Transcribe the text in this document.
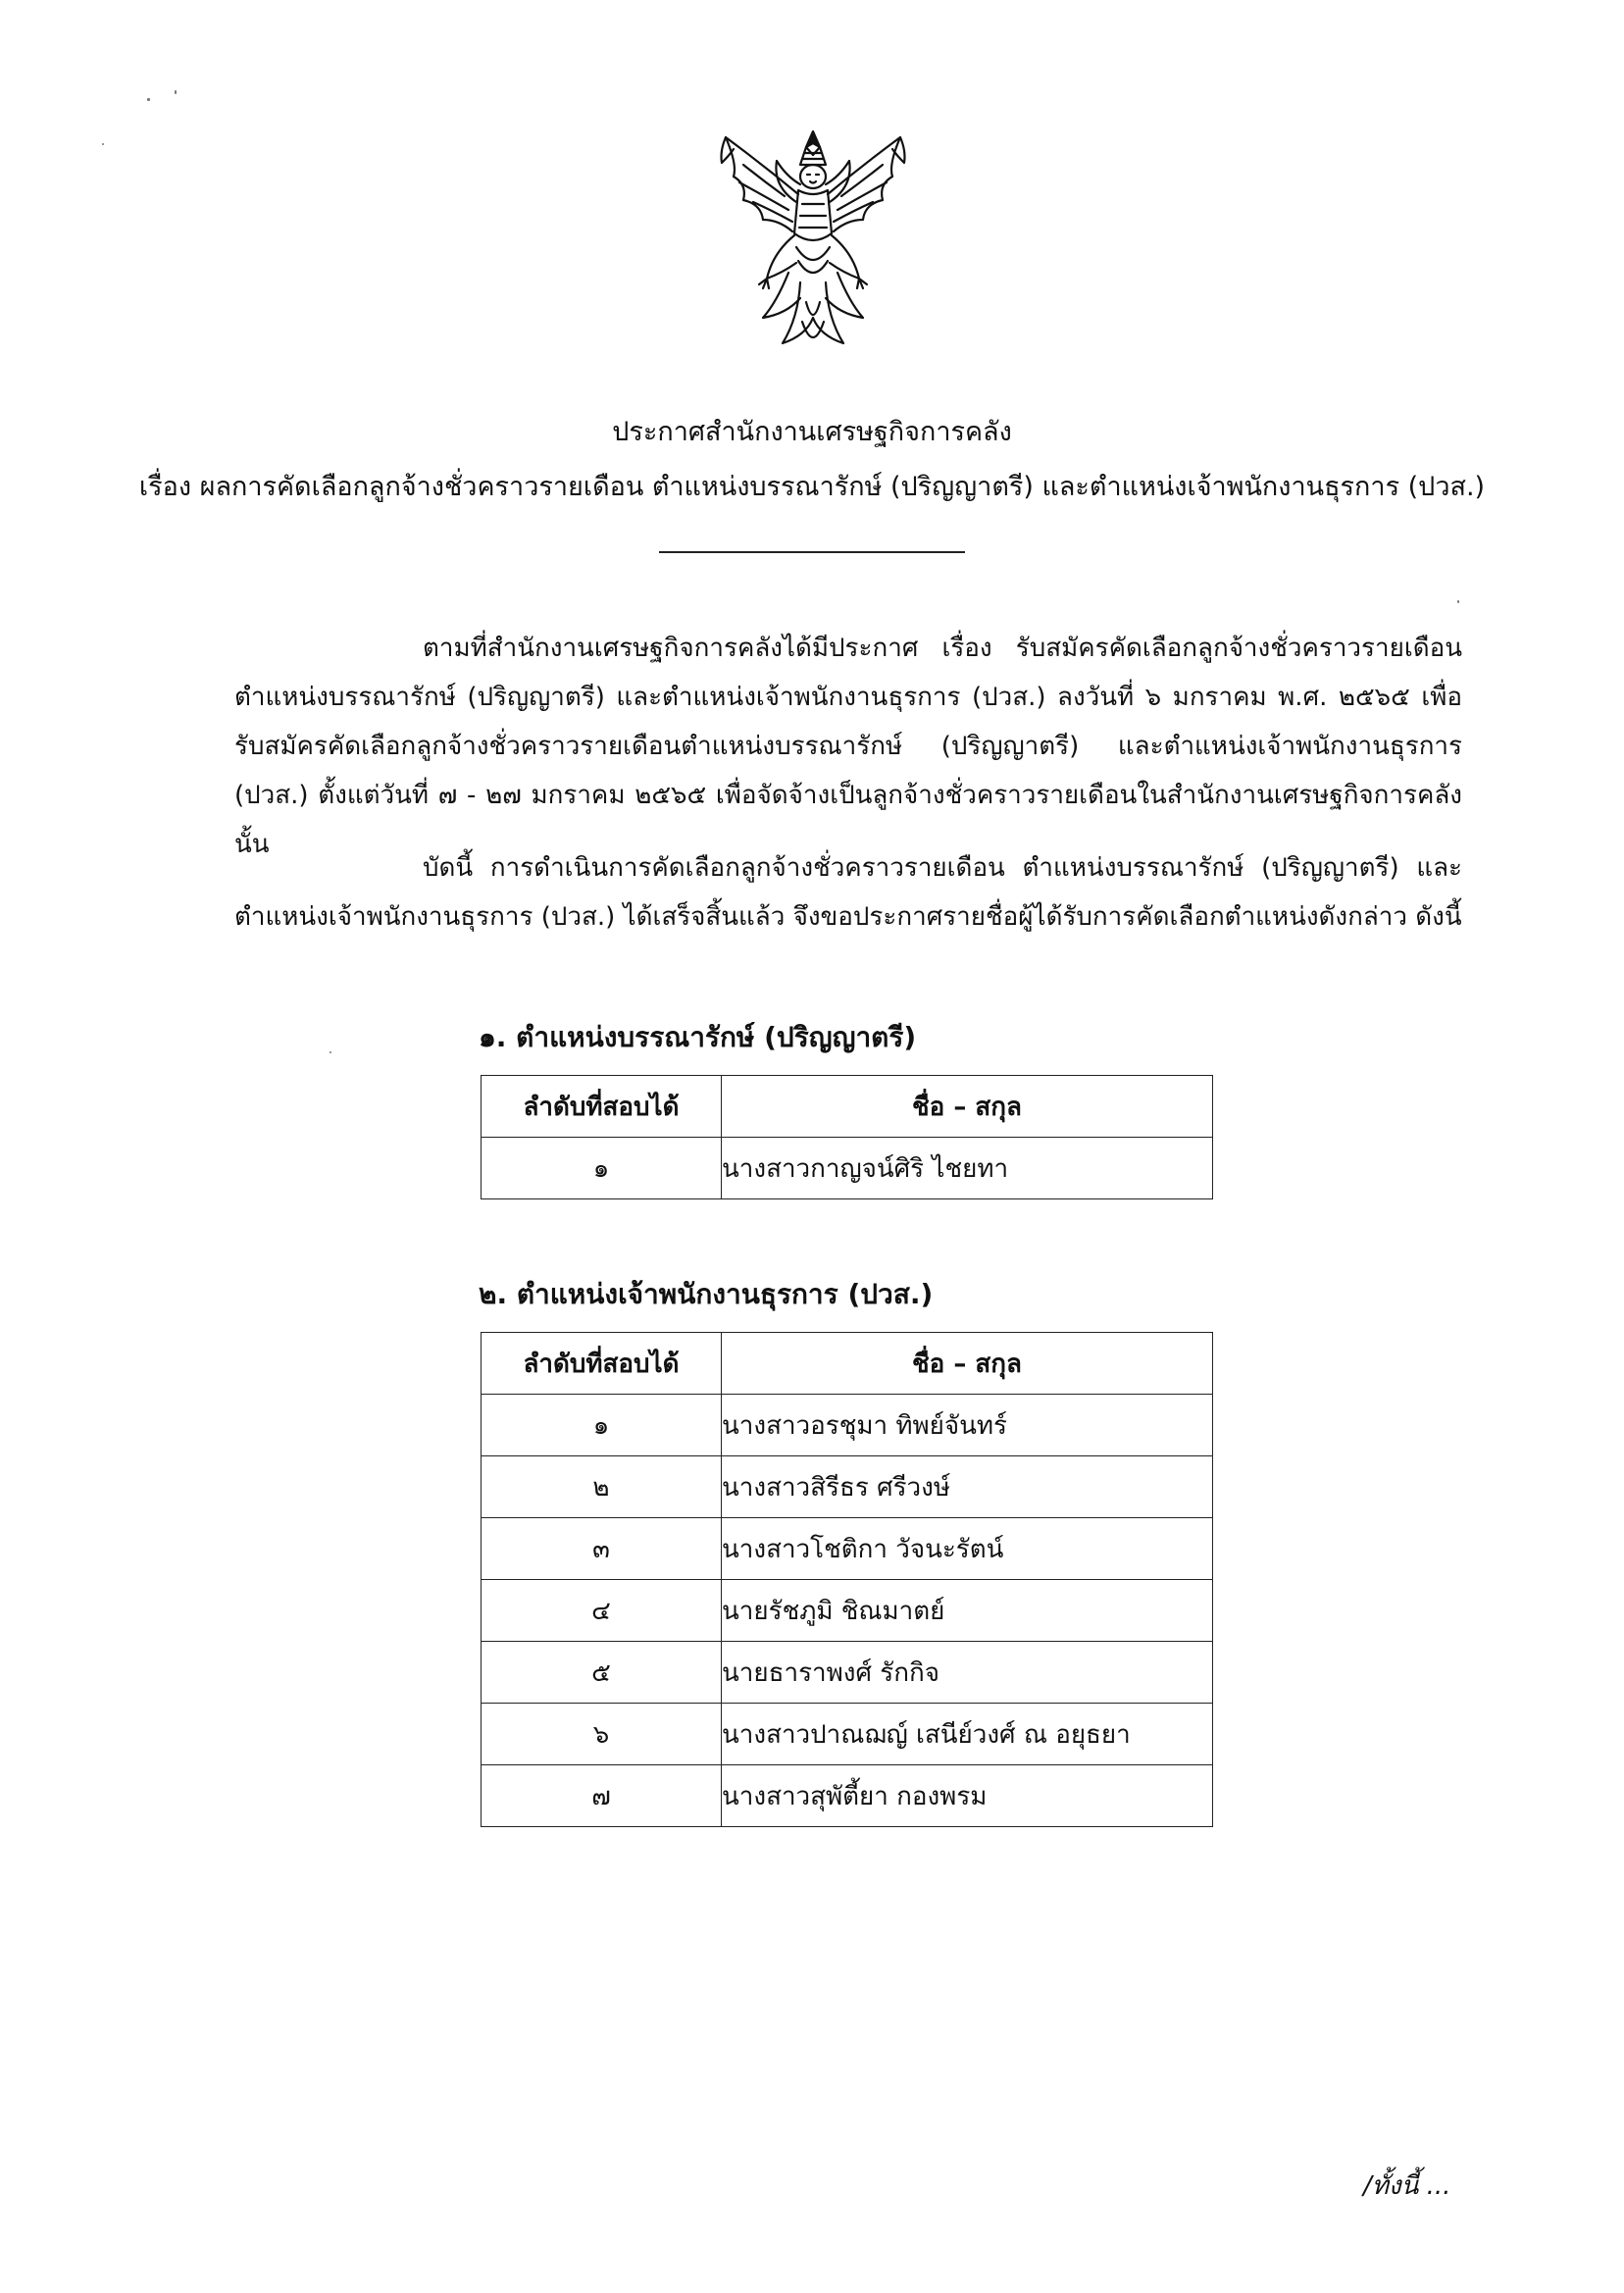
ประกาศสำนักงานเศรษฐกิจการคลัง
เรื่อง ผลการคัดเลือกลูกจ้างชั่วคราวรายเดือน ตำแหน่งบรรณารักษ์ (ปริญญาตรี) และตำแหน่งเจ้าพนักงานธุรการ (ปวส.)
ตามที่สำนักงานเศรษฐกิจการคลังได้มีประกาศ เรื่อง รับสมัครคัดเลือกลูกจ้างชั่วคราวรายเดือน ตำแหน่งบรรณารักษ์ (ปริญญาตรี) และตำแหน่งเจ้าพนักงานธุรการ (ปวส.) ลงวันที่ ๖ มกราคม พ.ศ. ๒๕๖๕ เพื่อรับสมัครคัดเลือกลูกจ้างชั่วคราวรายเดือนตำแหน่งบรรณารักษ์ (ปริญญาตรี) และตำแหน่งเจ้าพนักงานธุรการ (ปวส.) ตั้งแต่วันที่ ๗ - ๒๗ มกราคม ๒๕๖๕ เพื่อจัดจ้างเป็นลูกจ้างชั่วคราวรายเดือนในสำนักงานเศรษฐกิจการคลัง นั้น
บัดนี้ การดำเนินการคัดเลือกลูกจ้างชั่วคราวรายเดือน ตำแหน่งบรรณารักษ์ (ปริญญาตรี) และตำแหน่งเจ้าพนักงานธุรการ (ปวส.) ได้เสร็จสิ้นแล้ว จึงขอประกาศรายชื่อผู้ได้รับการคัดเลือกตำแหน่งดังกล่าว ดังนี้
๑. ตำแหน่งบรรณารักษ์ (ปริญญาตรี)
ลำดับที่สอบได้	ชื่อ – สกุล
๑	นางสาวกาญจน์ศิริ ไชยทา
๒. ตำแหน่งเจ้าพนักงานธุรการ (ปวส.)
ลำดับที่สอบได้	ชื่อ – สกุล
๑	นางสาวอรชุมา ทิพย์จันทร์
๒	นางสาวสิรีธร ศรีวงษ์
๓	นางสาวโชติกา วัจนะรัตน์
๔	นายรัชภูมิ ชิณมาตย์
๕	นายธาราพงศ์ รักกิจ
๖	นางสาวปาณฌญ์ เสนีย์วงศ์ ณ อยุธยา
๗	นางสาวสุพัตี้ยา กองพรม
/ทั้งนี้ ...
